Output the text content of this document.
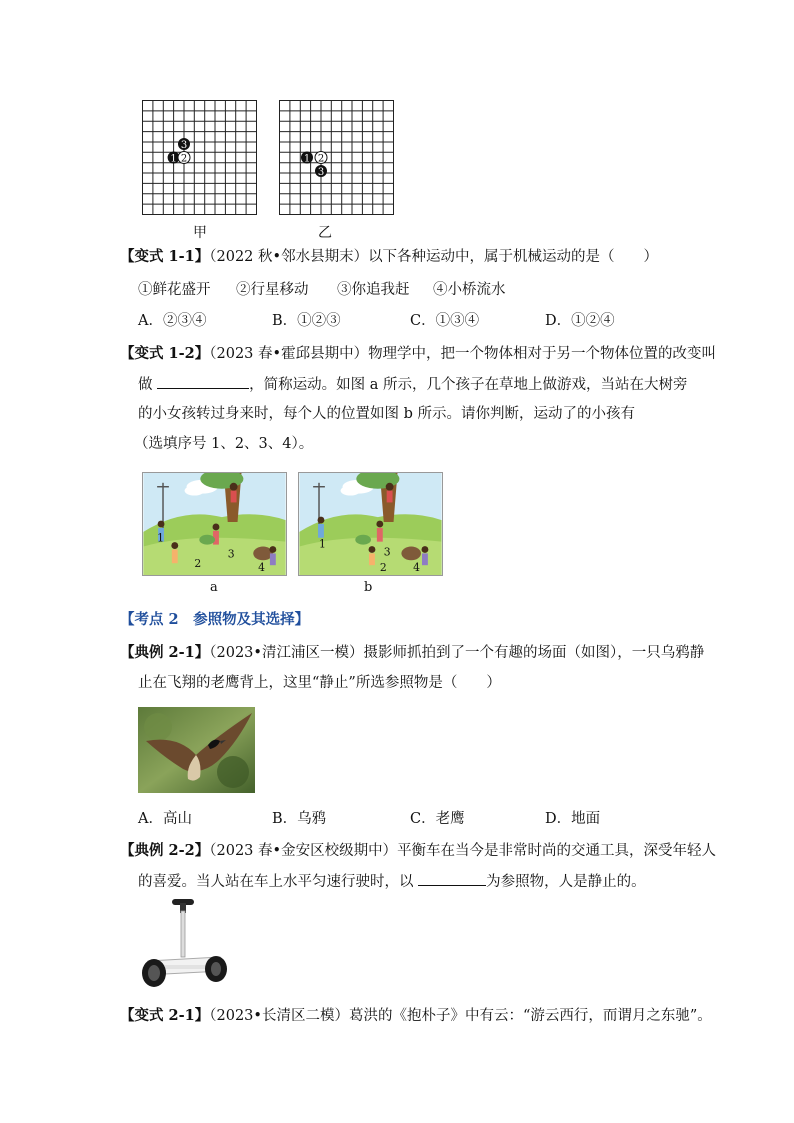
1 2
3
甲
1 2
3
乙
【变式 1-1】（2022 秋•邻水县期末）以下各种运动中，属于机械运动的是（　　）
①鲜花盛开 ②行星移动 ③你追我赶 ④小桥流水
A．②③④	B．①②③	C．①③④	D．①②④
【变式 1-2】（2023 春•霍邱县期中）物理学中，把一个物体相对于另一个物体位置的改变叫
做	，简称运动。如图 a 所示，几个孩子在草地上做游戏，当站在大树旁
的小女孩转过身来时，每个人的位置如图 b 所示。请你判断，运动了的小孩有
（选填序号 1、2、3、4）。
1
2
3
4
a
1
2
3
4
b
【考点 2　参照物及其选择】
【典例 2-1】（2023•清江浦区一模）摄影师抓拍到了一个有趣的场面（如图），一只乌鸦静
止在飞翔的老鹰背上，这里“静止”所选参照物是（　　）
A．高山	B．乌鸦	C．老鹰	D．地面
【典例 2-2】（2023 春•金安区校级期中）平衡车在当今是非常时尚的交通工具，深受年轻人
的喜爱。当人站在车上水平匀速行驶时，以	为参照物，人是静止的。
【变式 2-1】（2023•长清区二模）葛洪的《抱朴子》中有云：“游云西行，而谓月之东驰”。
